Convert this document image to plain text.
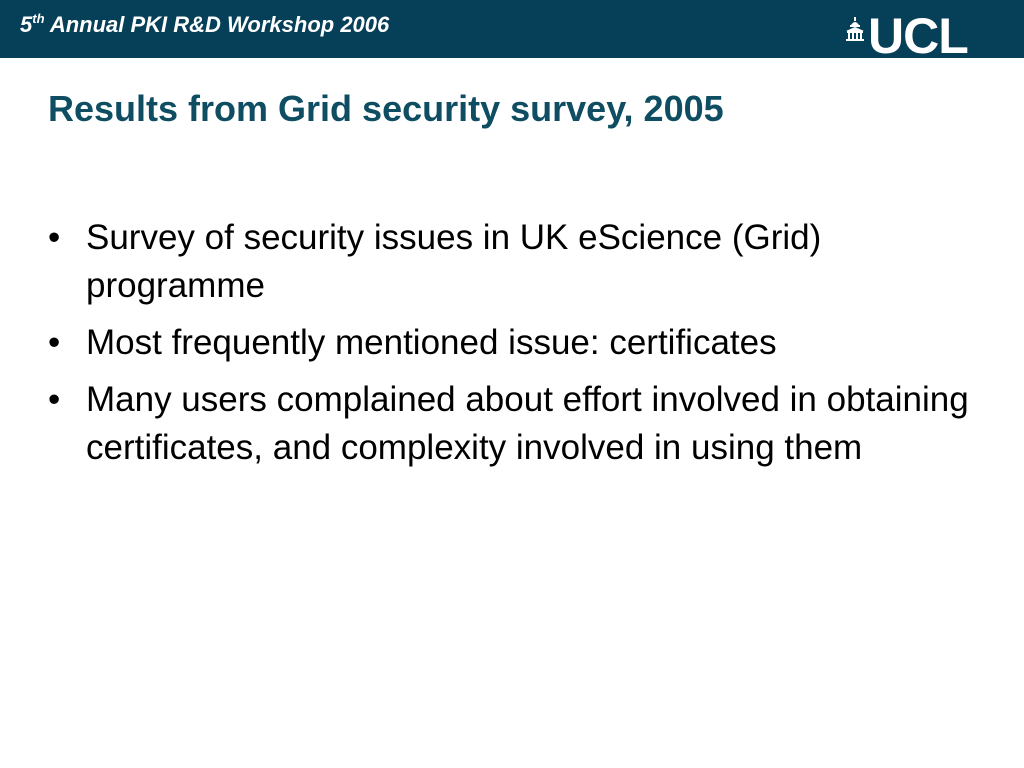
5th Annual PKI R&D Workshop 2006	UCL
Results from Grid security survey, 2005
• Survey of security issues in UK eScience (Grid) programme
• Most frequently mentioned issue: certificates
• Many users complained about effort involved in obtaining certificates, and complexity involved in using them
